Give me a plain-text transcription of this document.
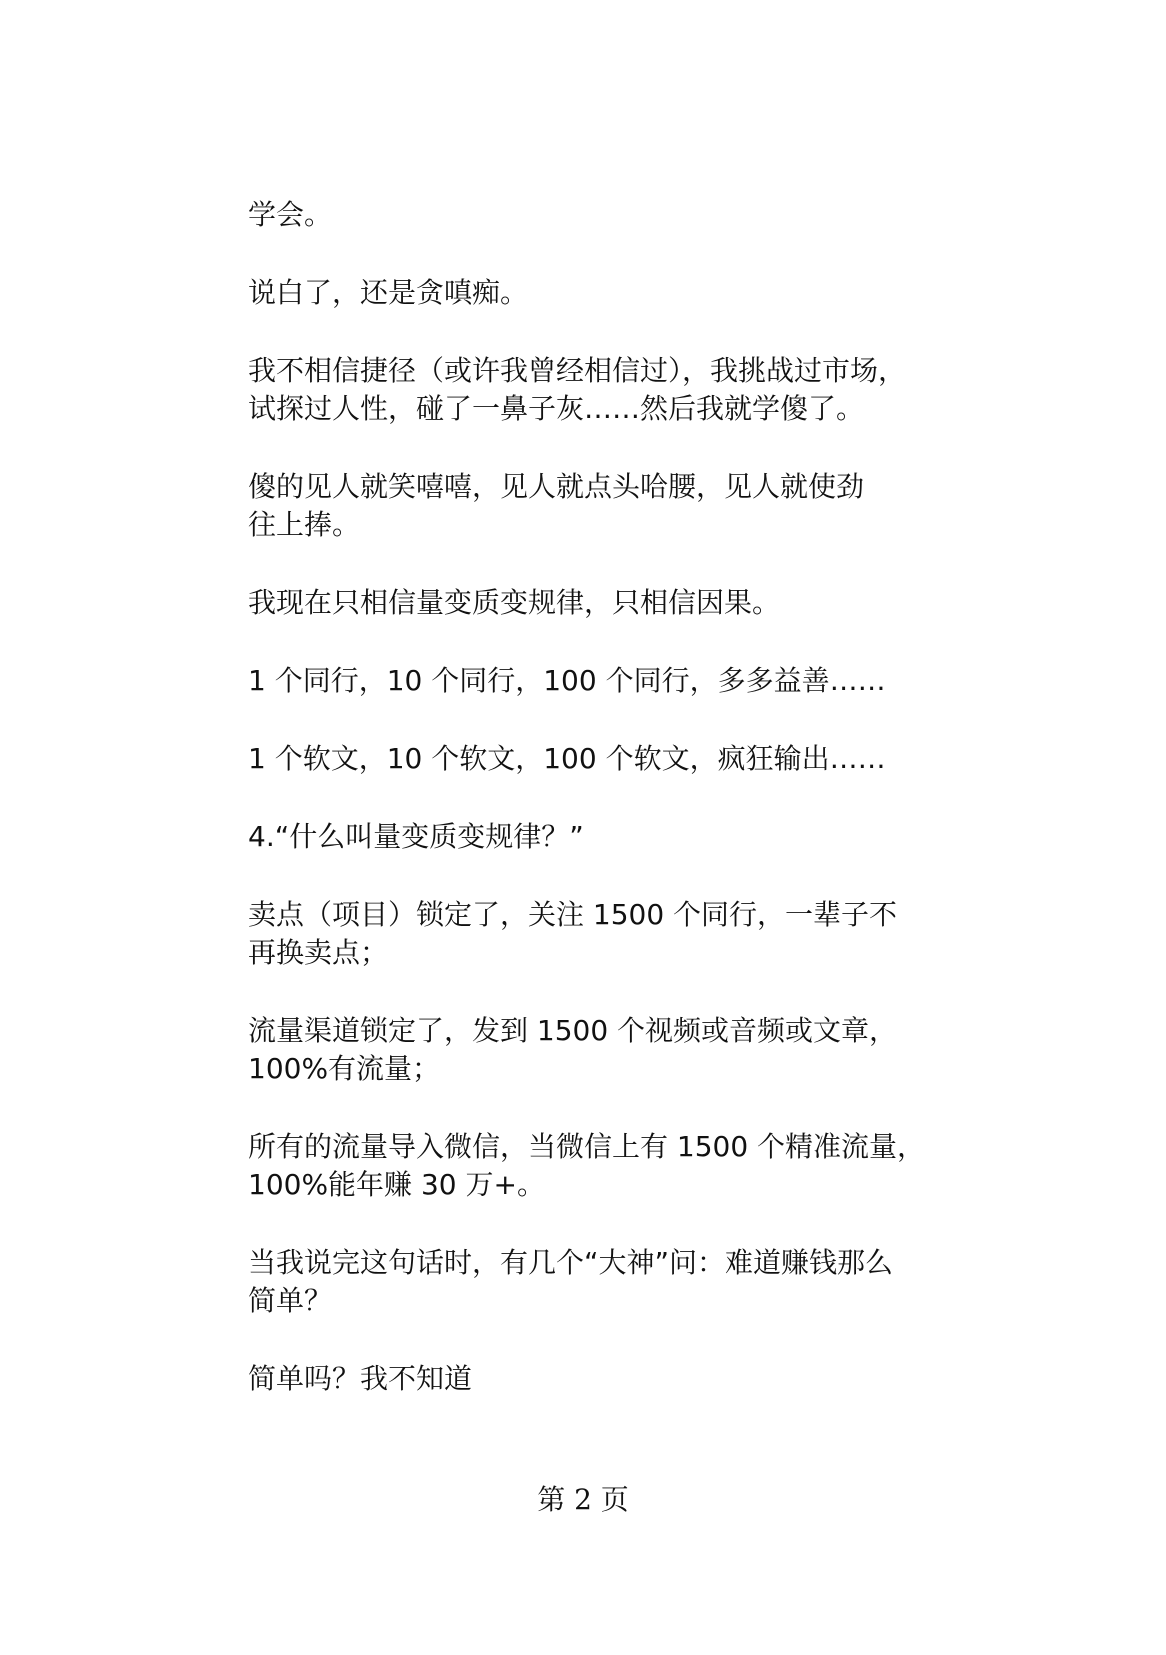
学会。

说白了，还是贪嗔痴。

我不相信捷径（或许我曾经相信过），我挑战过市场，
试探过人性，碰了一鼻子灰……然后我就学傻了。

傻的见人就笑嘻嘻，见人就点头哈腰，见人就使劲
往上捧。

我现在只相信量变质变规律，只相信因果。

1 个同行，10 个同行，100 个同行，多多益善……

1 个软文，10 个软文，100 个软文，疯狂输出……

4.“什么叫量变质变规律？”

卖点（项目）锁定了，关注 1500 个同行，一辈子不
再换卖点；

流量渠道锁定了，发到 1500 个视频或音频或文章，
100%有流量；

所有的流量导入微信，当微信上有 1500 个精准流量，
100%能年赚 30 万+。

当我说完这句话时，有几个“大神”问：难道赚钱那么
简单？

简单吗？我不知道

第 2 页
